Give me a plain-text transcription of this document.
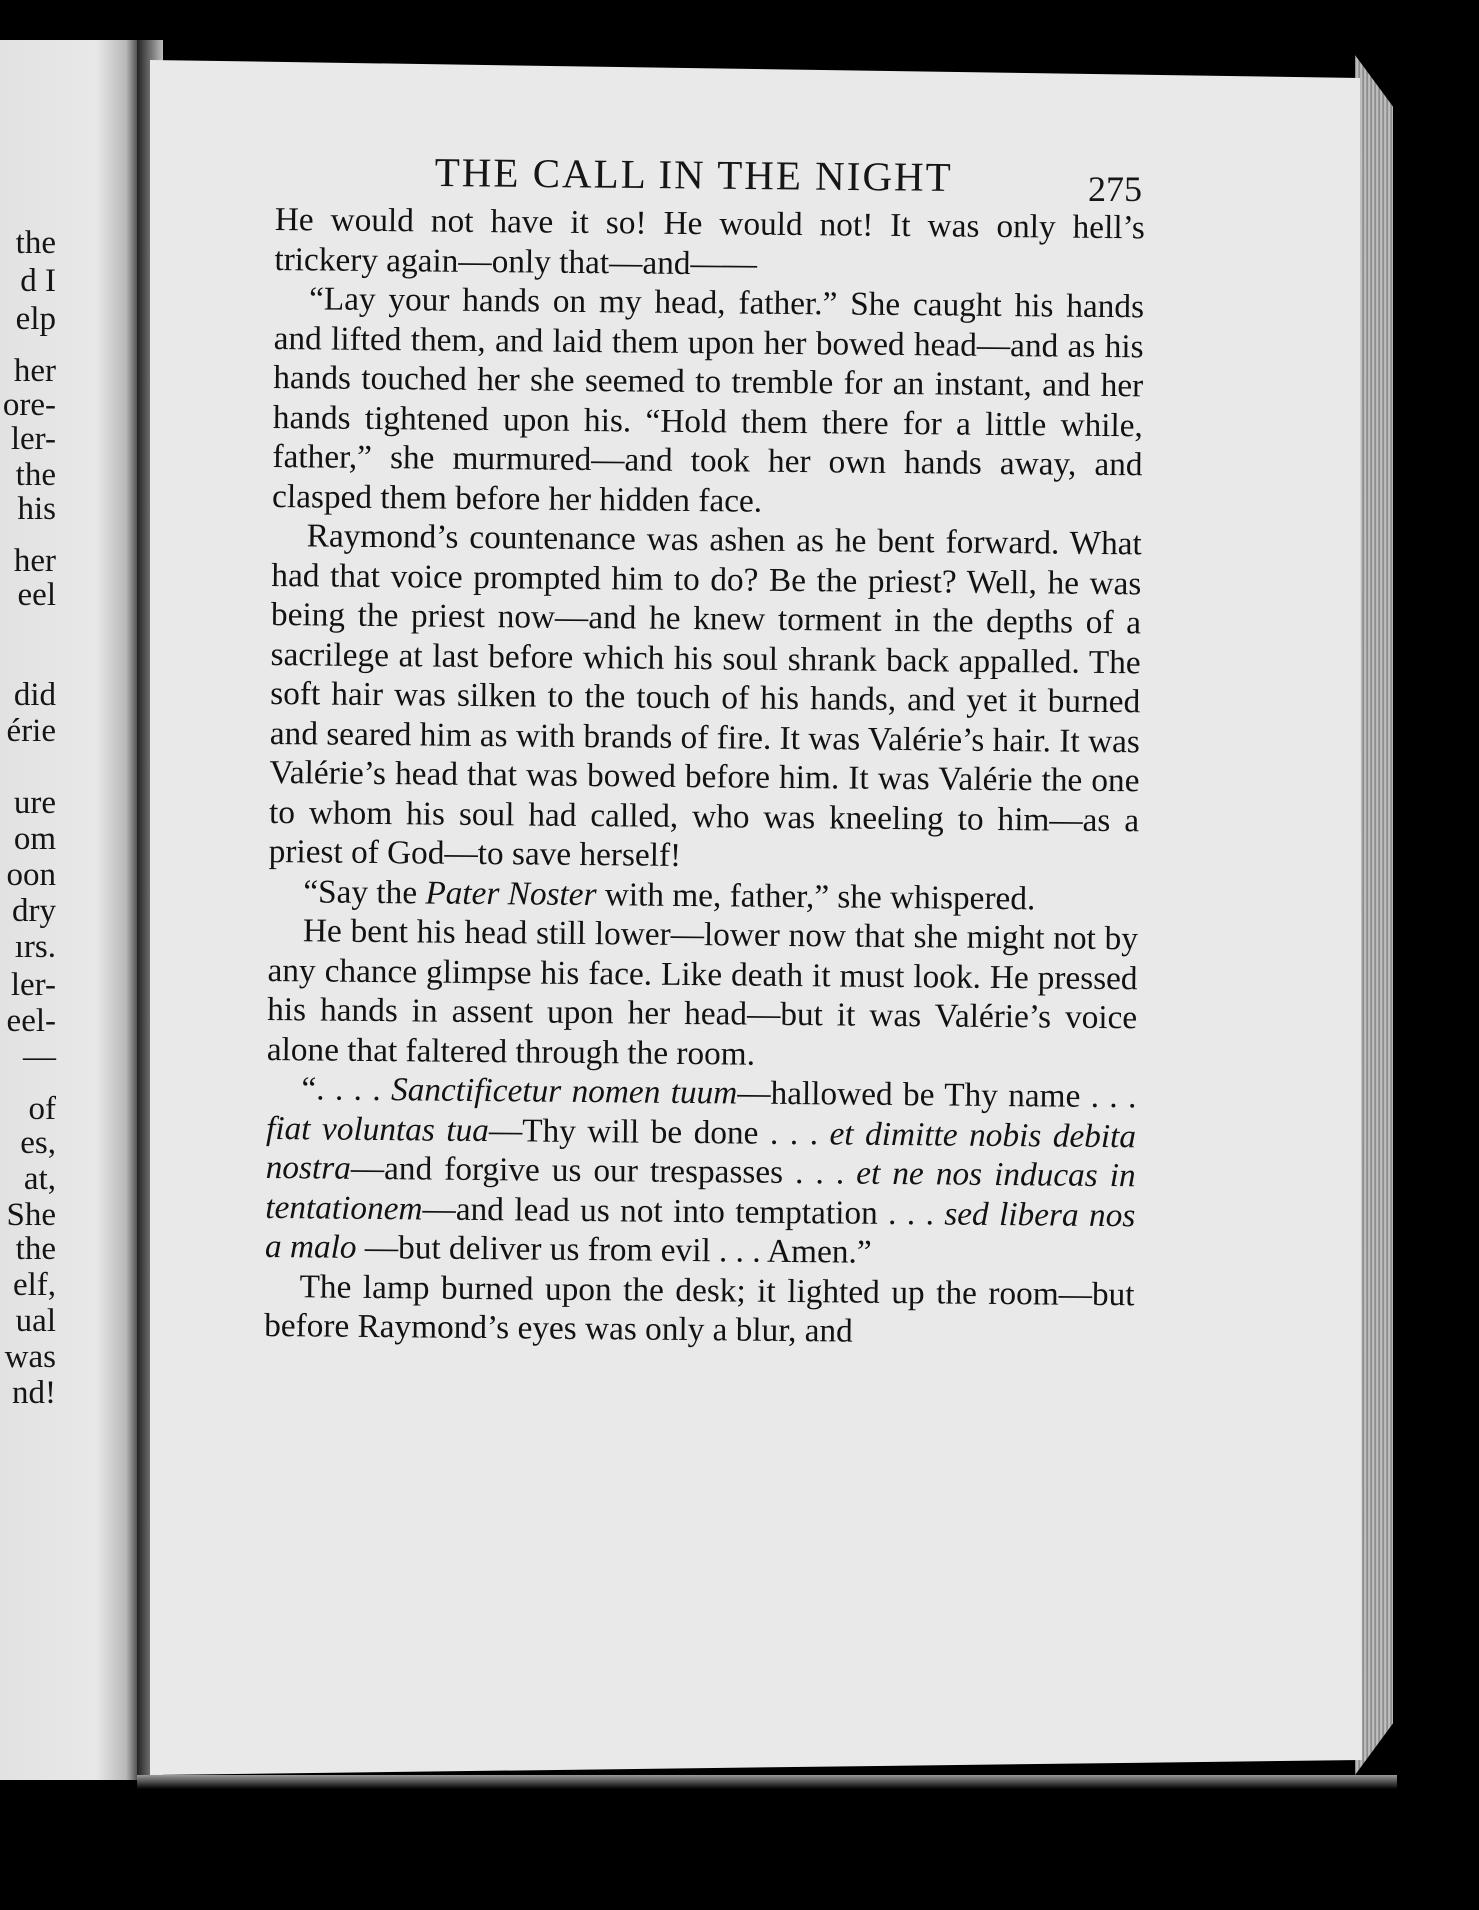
the
d I
elp
her
ore-
ler-
the
his
her
eel
did
érie
ure
om
oon
dry
ırs.
ler-
eel-
—
of
es,
at,
She
the
elf,
ual
was
nd!
THE CALL IN THE NIGHT	275

He would not have it so! He would not! It was only hell’s trickery again—only that—and——

“Lay your hands on my head, father.” She caught his hands and lifted them, and laid them upon her bowed head—and as his hands touched her she seemed to tremble for an instant, and her hands tightened upon his. “Hold them there for a little while, father,” she murmured—and took her own hands away, and clasped them before her hidden face.

Raymond’s countenance was ashen as he bent forward. What had that voice prompted him to do? Be the priest? Well, he was being the priest now—and he knew torment in the depths of a sacrilege at last before which his soul shrank back appalled. The soft hair was silken to the touch of his hands, and yet it burned and seared him as with brands of fire. It was Valérie’s hair. It was Valérie’s head that was bowed before him. It was Valérie the one to whom his soul had called, who was kneeling to him—as a priest of God—to save herself!

“Say the Pater Noster with me, father,” she whispered.

He bent his head still lower—lower now that she might not by any chance glimpse his face. Like death it must look. He pressed his hands in assent upon her head—but it was Valérie’s voice alone that faltered through the room.

“. . . . Sanctificetur nomen tuum—hallowed be Thy name . . . fiat voluntas tua—Thy will be done . . . et dimitte nobis debita nostra—and forgive us our trespasses . . . et ne nos inducas in tentationem—and lead us not into temptation . . . sed libera nos a malo —but deliver us from evil . . . Amen.”

The lamp burned upon the desk; it lighted up the room—but before Raymond’s eyes was only a blur, and
